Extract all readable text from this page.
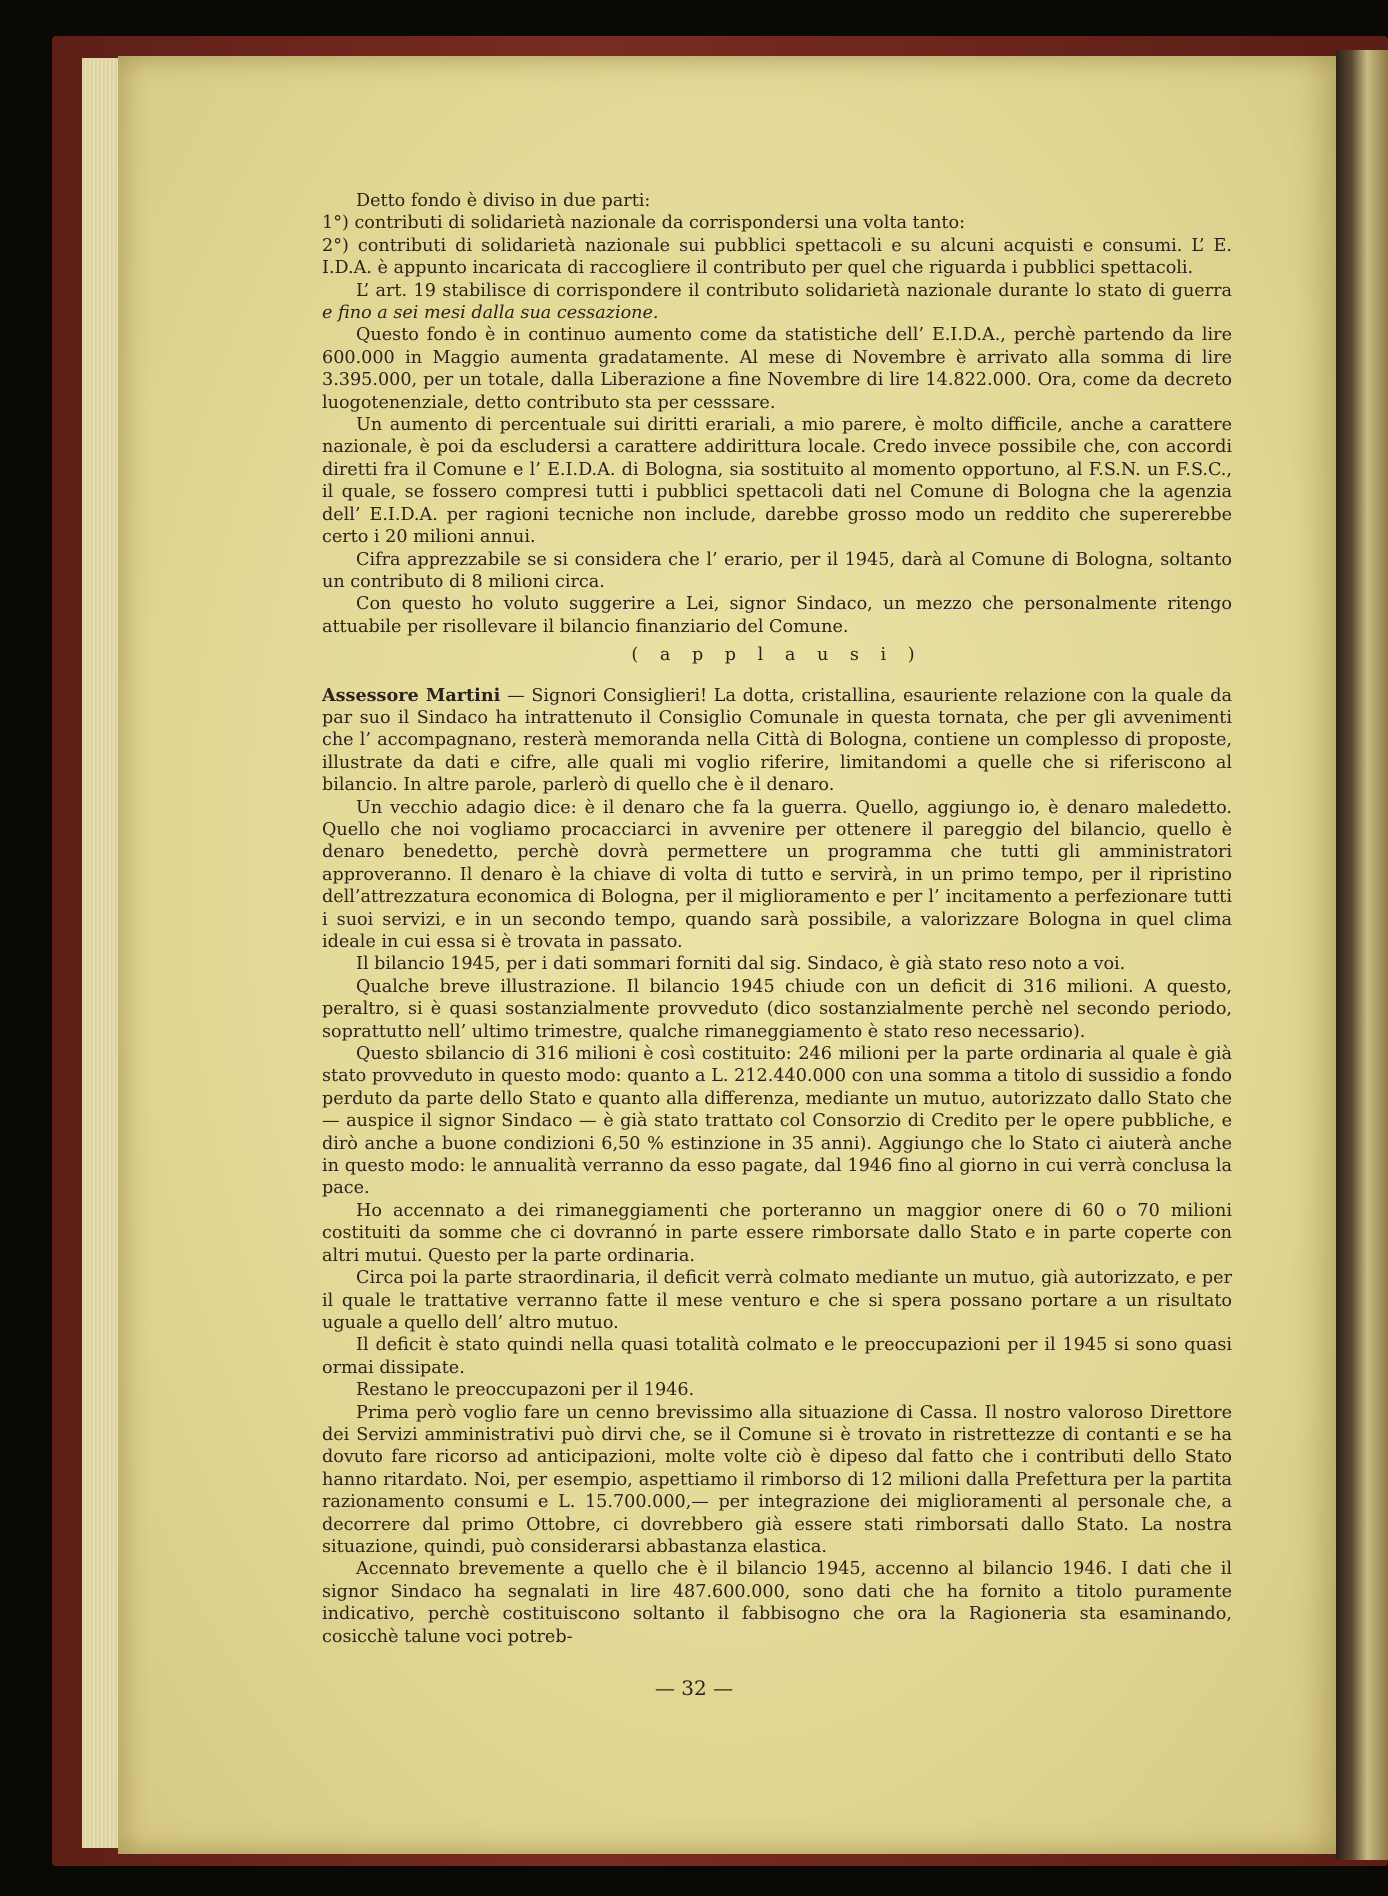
Detto fondo è diviso in due parti:

1°) contributi di solidarietà nazionale da corrispondersi una volta tanto:

2°) contributi di solidarietà nazionale sui pubblici spettacoli e su alcuni acquisti e consumi. L’ E. I.D.A. è appunto incaricata di raccogliere il contributo per quel che riguarda i pubblici spettacoli.

L’ art. 19 stabilisce di corrispondere il contributo solidarietà nazionale durante lo stato di guerra e fino a sei mesi dalla sua cessazione.

Questo fondo è in continuo aumento come da statistiche dell’ E.I.D.A., perchè partendo da lire 600.000 in Maggio aumenta gradatamente. Al mese di Novembre è arrivato alla somma di lire 3.395.000, per un totale, dalla Liberazione a fine Novembre di lire 14.822.000. Ora, come da decreto luogotenenziale, detto contributo sta per cesssare.

Un aumento di percentuale sui diritti erariali, a mio parere, è molto difficile, anche a carattere nazionale, è poi da escludersi a carattere addirittura locale. Credo invece possibile che, con accordi diretti fra il Comune e l’ E.I.D.A. di Bologna, sia sostituito al momento opportuno, al F.S.N. un F.S.C., il quale, se fossero compresi tutti i pubblici spettacoli dati nel Comune di Bologna che la agenzia dell’ E.I.D.A. per ragioni tecniche non include, darebbe grosso modo un reddito che supererebbe certo i 20 milioni annui.

Cifra apprezzabile se si considera che l’ erario, per il 1945, darà al Comune di Bologna, soltanto un contributo di 8 milioni circa.

Con questo ho voluto suggerire a Lei, signor Sindaco, un mezzo che personalmente ritengo attuabile per risollevare il bilancio finanziario del Comune.

( a p p l a u s i )

Assessore Martini — Signori Consiglieri! La dotta, cristallina, esauriente relazione con la quale da par suo il Sindaco ha intrattenuto il Consiglio Comunale in questa tornata, che per gli avvenimenti che l’ accompagnano, resterà memoranda nella Città di Bologna, contiene un complesso di proposte, illustrate da dati e cifre, alle quali mi voglio riferire, limitandomi a quelle che si riferiscono al bilancio. In altre parole, parlerò di quello che è il denaro.

Un vecchio adagio dice: è il denaro che fa la guerra. Quello, aggiungo io, è denaro maledetto. Quello che noi vogliamo procacciarci in avvenire per ottenere il pareggio del bilancio, quello è denaro benedetto, perchè dovrà permettere un programma che tutti gli amministratori approveranno. Il denaro è la chiave di volta di tutto e servirà, in un primo tempo, per il ripristino dell’attrezzatura economica di Bologna, per il miglioramento e per l’ incitamento a perfezionare tutti i suoi servizi, e in un secondo tempo, quando sarà possibile, a valorizzare Bologna in quel clima ideale in cui essa si è trovata in passato.

Il bilancio 1945, per i dati sommari forniti dal sig. Sindaco, è già stato reso noto a voi.

Qualche breve illustrazione. Il bilancio 1945 chiude con un deficit di 316 milioni. A questo, peraltro, si è quasi sostanzialmente provveduto (dico sostanzialmente perchè nel secondo periodo, soprattutto nell’ ultimo trimestre, qualche rimaneggiamento è stato reso necessario).

Questo sbilancio di 316 milioni è così costituito: 246 milioni per la parte ordinaria al quale è già stato provveduto in questo modo: quanto a L. 212.440.000 con una somma a titolo di sussidio a fondo perduto da parte dello Stato e quanto alla differenza, mediante un mutuo, autorizzato dallo Stato che — auspice il signor Sindaco — è già stato trattato col Consorzio di Credito per le opere pubbliche, e dirò anche a buone condizioni 6,50 % estinzione in 35 anni). Aggiungo che lo Stato ci aiuterà anche in questo modo: le annualità verranno da esso pagate, dal 1946 fino al giorno in cui verrà conclusa la pace.

Ho accennato a dei rimaneggiamenti che porteranno un maggior onere di 60 o 70 milioni costituiti da somme che ci dovrannó in parte essere rimborsate dallo Stato e in parte coperte con altri mutui. Questo per la parte ordinaria.

Circa poi la parte straordinaria, il deficit verrà colmato mediante un mutuo, già autorizzato, e per il quale le trattative verranno fatte il mese venturo e che si spera possano portare a un risultato uguale a quello dell’ altro mutuo.

Il deficit è stato quindi nella quasi totalità colmato e le preoccupazioni per il 1945 si sono quasi ormai dissipate.

Restano le preoccupazoni per il 1946.

Prima però voglio fare un cenno brevissimo alla situazione di Cassa. Il nostro valoroso Direttore dei Servizi amministrativi può dirvi che, se il Comune si è trovato in ristrettezze di contanti e se ha dovuto fare ricorso ad anticipazioni, molte volte ciò è dipeso dal fatto che i contributi dello Stato hanno ritardato. Noi, per esempio, aspettiamo il rimborso di 12 milioni dalla Prefettura per la partita razionamento consumi e L. 15.700.000,— per integrazione dei miglioramenti al personale che, a decorrere dal primo Ottobre, ci dovrebbero già essere stati rimborsati dallo Stato. La nostra situazione, quindi, può considerarsi abbastanza elastica.

Accennato brevemente a quello che è il bilancio 1945, accenno al bilancio 1946. I dati che il signor Sindaco ha segnalati in lire 487.600.000, sono dati che ha fornito a titolo puramente indicativo, perchè costituiscono soltanto il fabbisogno che ora la Ragioneria sta esaminando, cosicchè talune voci potreb-

— 32 —
